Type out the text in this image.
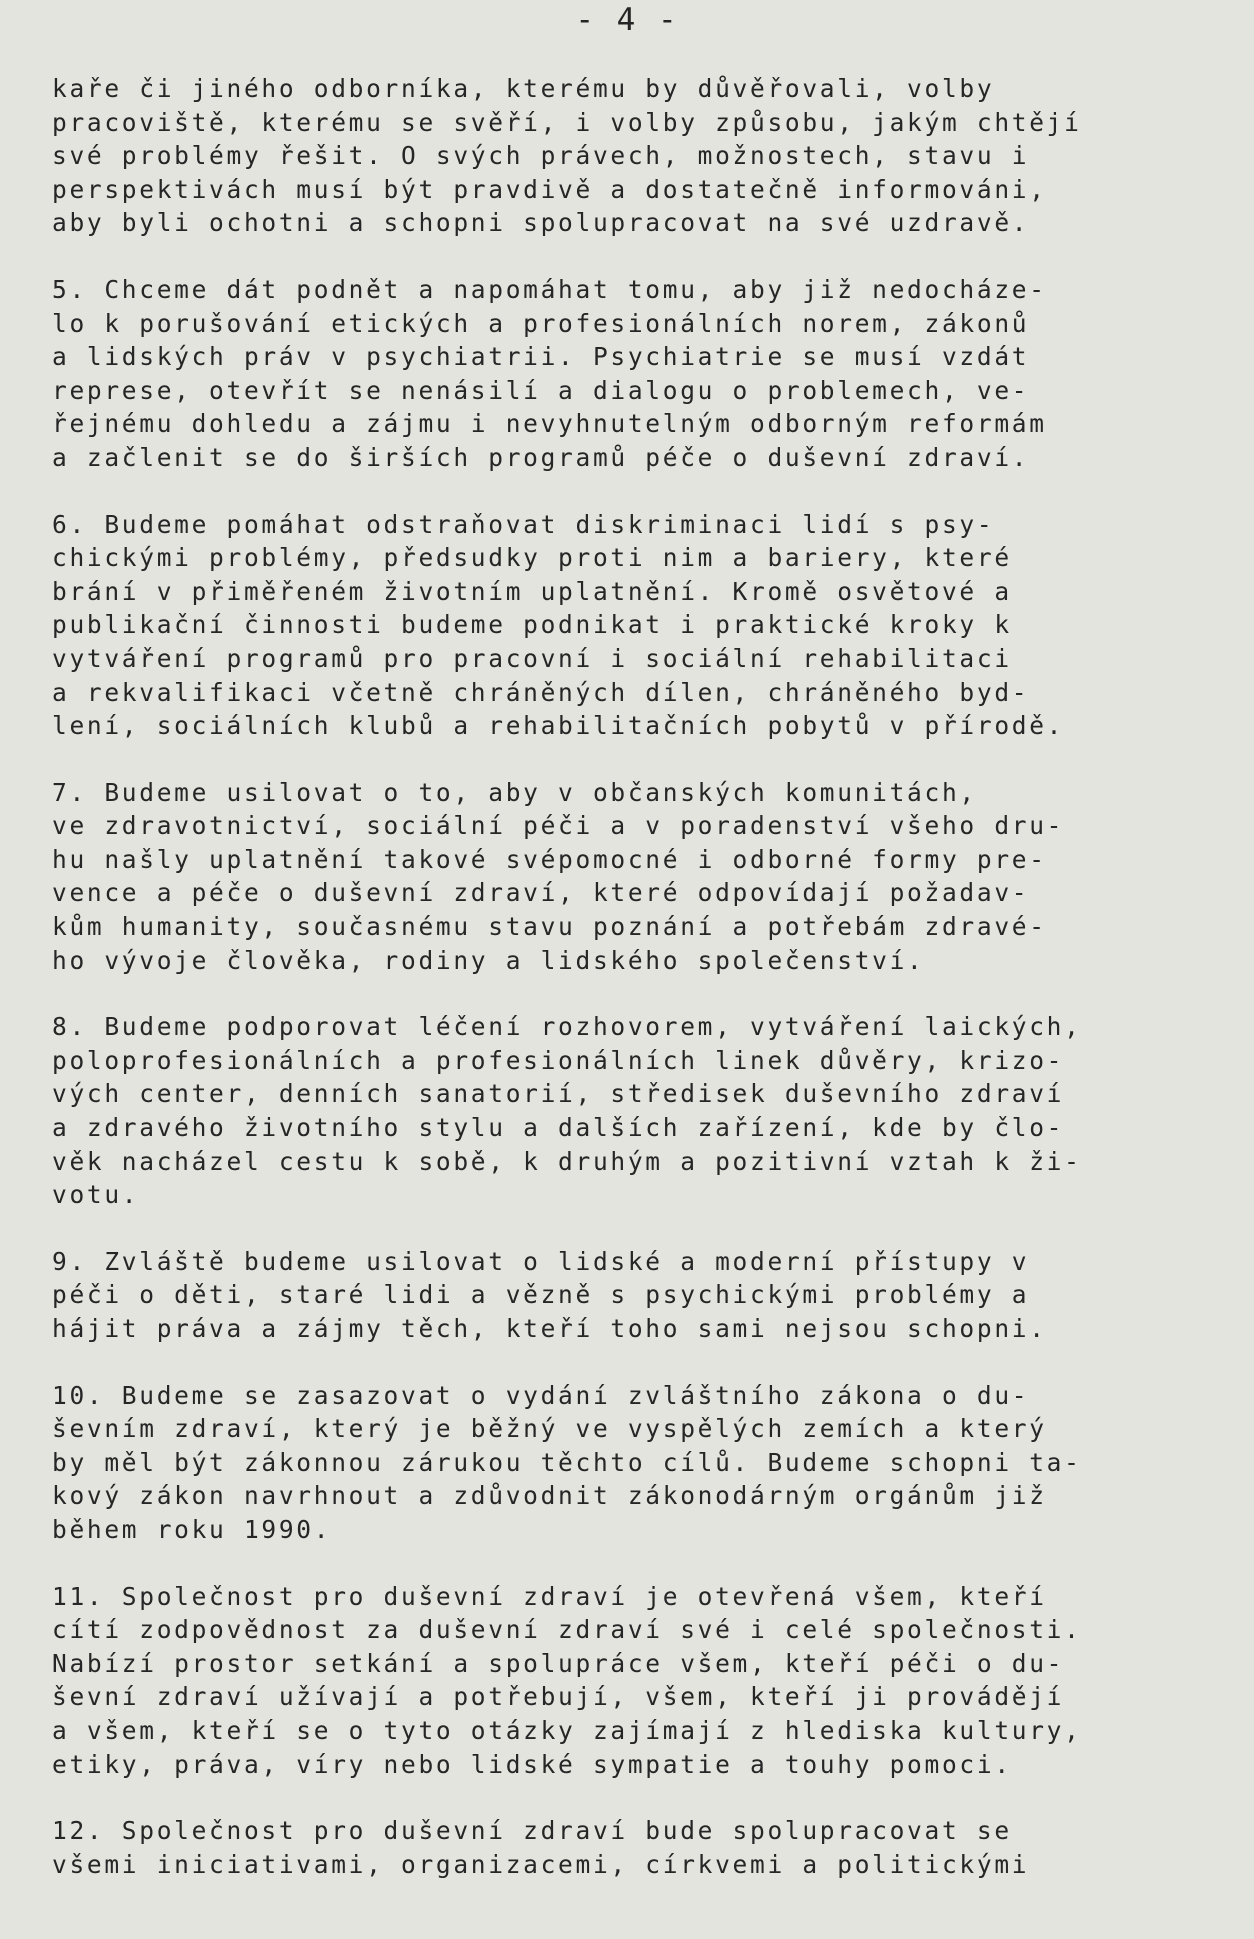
- 4 -
kaře či jiného odborníka, kterému by důvěřovali, volby
pracoviště, kterému se svěří, i volby způsobu, jakým chtějí
své problémy řešit. O svých právech, možnostech, stavu i
perspektivách musí být pravdivě a dostatečně informováni,
aby byli ochotni a schopni spolupracovat na své uzdravě.
5. Chceme dát podnět a napomáhat tomu, aby již nedocháze-
lo k porušování etických a profesionálních norem, zákonů
a lidských práv v psychiatrii. Psychiatrie se musí vzdát
represe, otevřít se nenásilí a dialogu o problemech, ve-
řejnému dohledu a zájmu i nevyhnutelným odborným reformám
a začlenit se do širších programů péče o duševní zdraví.
6. Budeme pomáhat odstraňovat diskriminaci lidí s psy-
chickými problémy, předsudky proti nim a bariery, které
brání v přiměřeném životním uplatnění. Kromě osvětové a
publikační činnosti budeme podnikat i praktické kroky k
vytváření programů pro pracovní i sociální rehabilitaci
a rekvalifikaci včetně chráněných dílen, chráněného byd-
lení, sociálních klubů a rehabilitačních pobytů v přírodě.
7. Budeme usilovat o to, aby v občanských komunitách,
ve zdravotnictví, sociální péči a v poradenství všeho dru-
hu našly uplatnění takové svépomocné i odborné formy pre-
vence a péče o duševní zdraví, které odpovídají požadav-
kům humanity, současnému stavu poznání a potřebám zdravé-
ho vývoje člověka, rodiny a lidského společenství.
8. Budeme podporovat léčení rozhovorem, vytváření laických,
poloprofesionálních a profesionálních linek důvěry, krizo-
vých center, denních sanatorií, středisek duševního zdraví
a zdravého životního stylu a dalších zařízení, kde by člo-
věk nacházel cestu k sobě, k druhým a pozitivní vztah k ži-
votu.
9. Zvláště budeme usilovat o lidské a moderní přístupy v
péči o děti, staré lidi a vězně s psychickými problémy a
hájit práva a zájmy těch, kteří toho sami nejsou schopni.
10. Budeme se zasazovat o vydání zvláštního zákona o du-
ševním zdraví, který je běžný ve vyspělých zemích a který
by měl být zákonnou zárukou těchto cílů. Budeme schopni ta-
kový zákon navrhnout a zdůvodnit zákonodárným orgánům již
během roku 1990.
11. Společnost pro duševní zdraví je otevřená všem, kteří
cítí zodpovědnost za duševní zdraví své i celé společnosti.
Nabízí prostor setkání a spolupráce všem, kteří péči o du-
ševní zdraví užívají a potřebují, všem, kteří ji provádějí
a všem, kteří se o tyto otázky zajímají z hlediska kultury,
etiky, práva, víry nebo lidské sympatie a touhy pomoci.
12. Společnost pro duševní zdraví bude spolupracovat se
všemi iniciativami, organizacemi, církvemi a politickými
